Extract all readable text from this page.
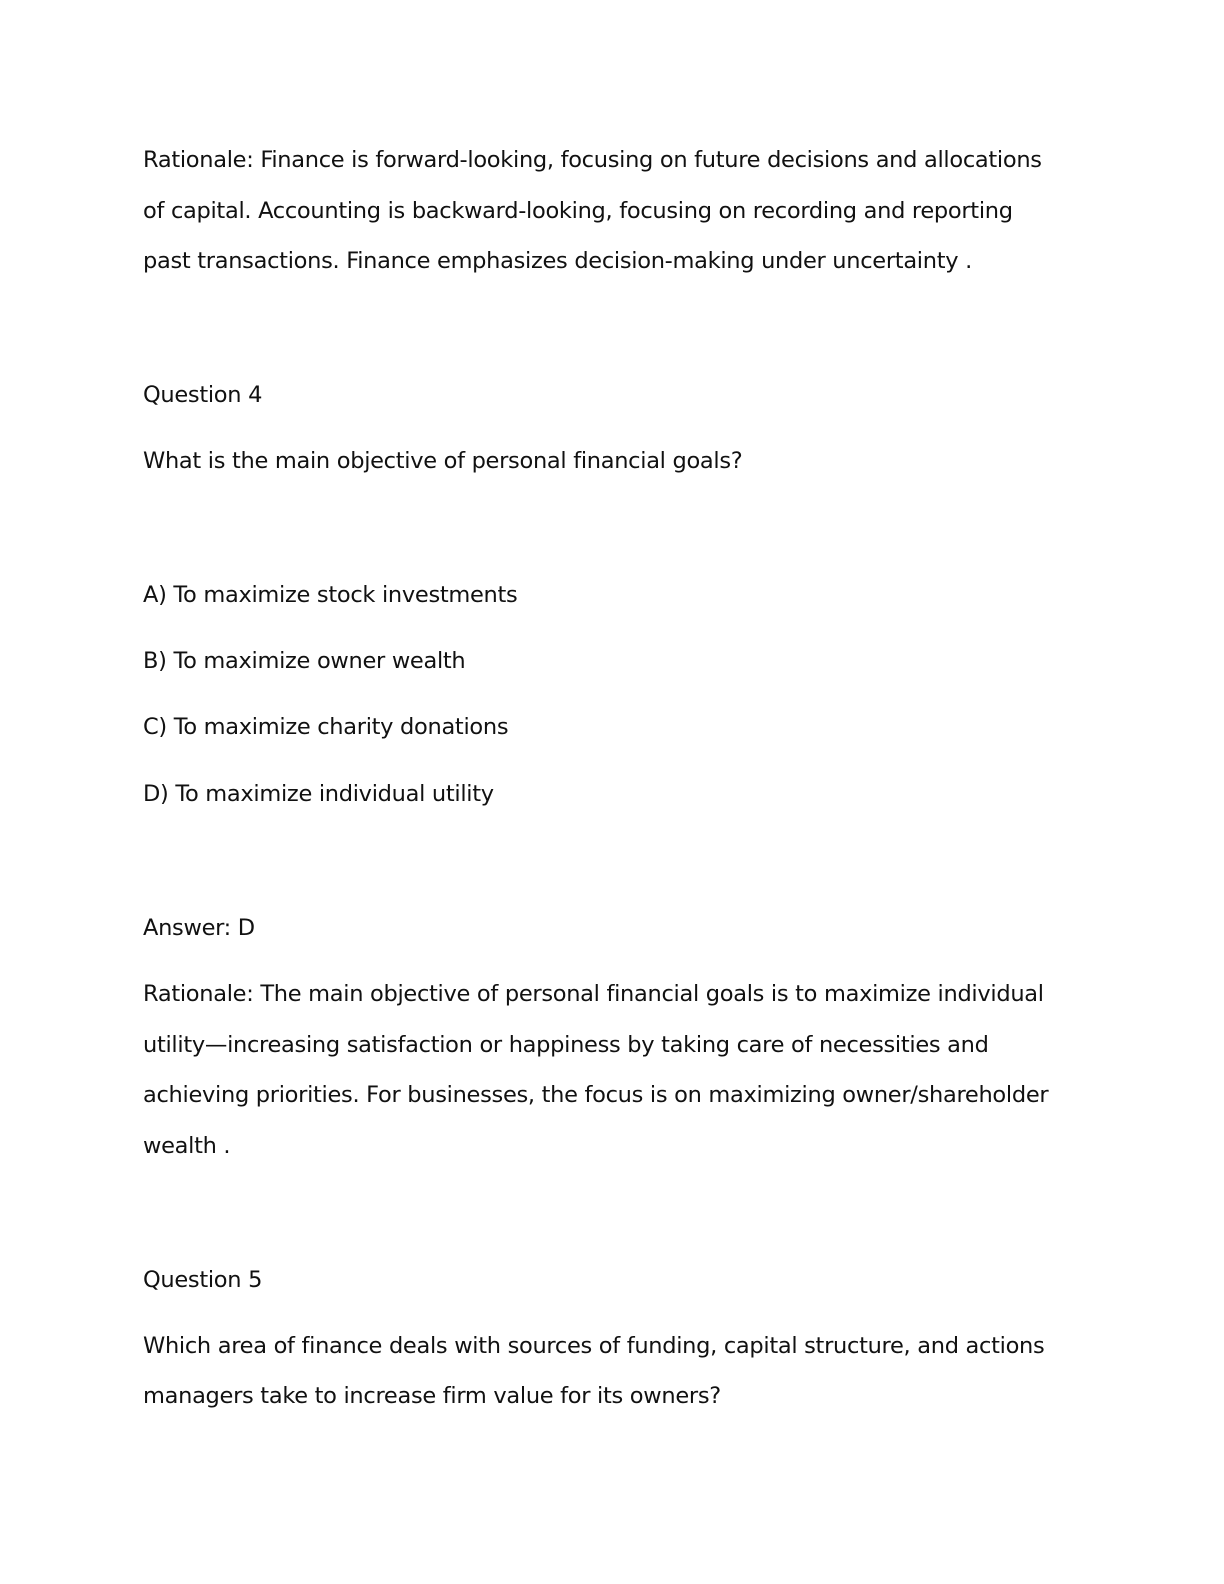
Rationale: Finance is forward-looking, focusing on future decisions and allocations
of capital. Accounting is backward-looking, focusing on recording and reporting
past transactions. Finance emphasizes decision-making under uncertainty .
Question 4
What is the main objective of personal financial goals?
A) To maximize stock investments
B) To maximize owner wealth
C) To maximize charity donations
D) To maximize individual utility
Answer: D
Rationale: The main objective of personal financial goals is to maximize individual
utility—increasing satisfaction or happiness by taking care of necessities and
achieving priorities. For businesses, the focus is on maximizing owner/shareholder
wealth .
Question 5
Which area of finance deals with sources of funding, capital structure, and actions
managers take to increase firm value for its owners?
